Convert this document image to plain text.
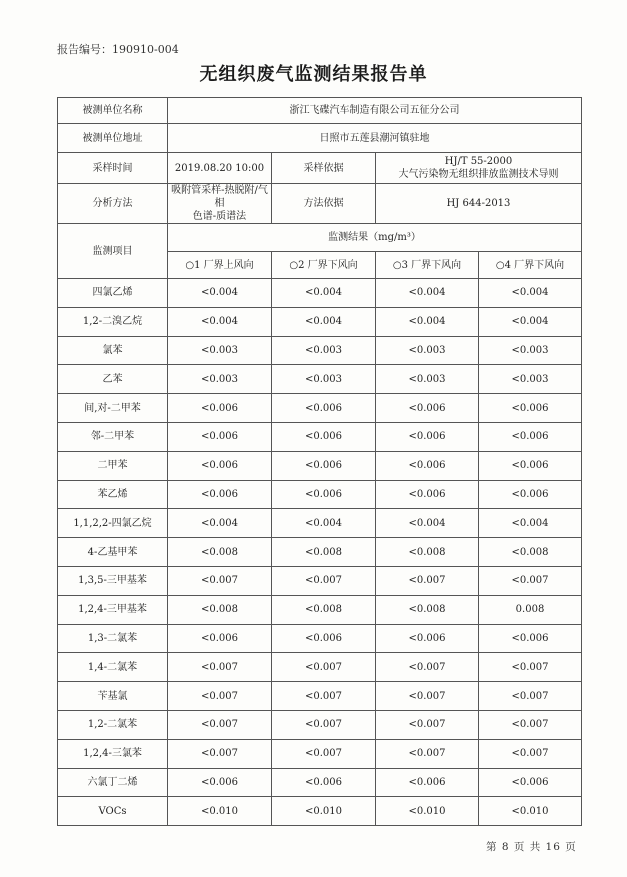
报告编号：190910-004
无组织废气监测结果报告单
被测单位名称	浙江飞碟汽车制造有限公司五征分公司			
被测单位地址	日照市五莲县潮河镇驻地			
采样时间	2019.08.20 10:00	采样依据	HJ/T 55-2000
大气污染物无组织排放监测技术导则	

分析方法	吸附管采样-热脱附/气相
色谱-质谱法	方法依据	HJ 644-2013	
监测项目	监测结果（mg/m³）			
	○1 厂界上风向	○2 厂界下风向	○3 厂界下风向	○4 厂界下风向
四氯乙烯	<0.004	<0.004	<0.004	<0.004
1,2-二溴乙烷	<0.004	<0.004	<0.004	<0.004
氯苯	<0.003	<0.003	<0.003	<0.003
乙苯	<0.003	<0.003	<0.003	<0.003
间,对-二甲苯	<0.006	<0.006	<0.006	<0.006
邻-二甲苯	<0.006	<0.006	<0.006	<0.006
二甲苯	<0.006	<0.006	<0.006	<0.006
苯乙烯	<0.006	<0.006	<0.006	<0.006
1,1,2,2-四氯乙烷	<0.004	<0.004	<0.004	<0.004
4-乙基甲苯	<0.008	<0.008	<0.008	<0.008
1,3,5-三甲基苯	<0.007	<0.007	<0.007	<0.007
1,2,4-三甲基苯	<0.008	<0.008	<0.008	0.008
1,3-二氯苯	<0.006	<0.006	<0.006	<0.006
1,4-二氯苯	<0.007	<0.007	<0.007	<0.007
苄基氯	<0.007	<0.007	<0.007	<0.007
1,2-二氯苯	<0.007	<0.007	<0.007	<0.007
1,2,4-三氯苯	<0.007	<0.007	<0.007	<0.007
六氯丁二烯	<0.006	<0.006	<0.006	<0.006
VOCs	<0.010	<0.010	<0.010	<0.010
第 8 页 共 16 页
